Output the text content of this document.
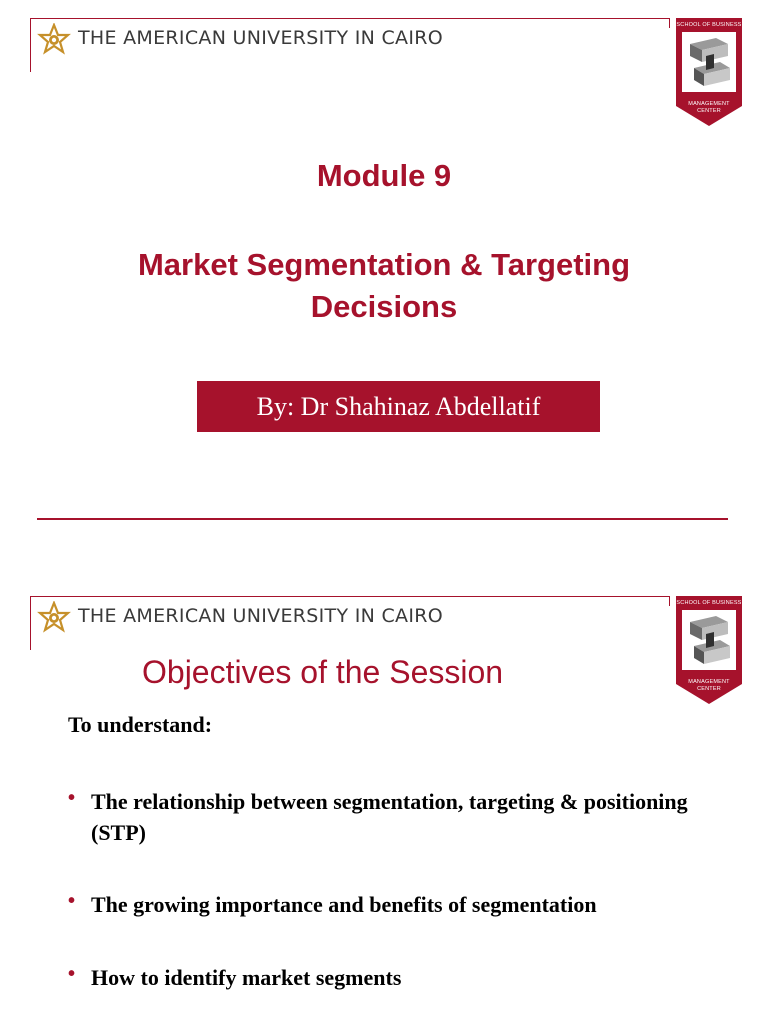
THE AMERICAN UNIVERSITY IN CAIRO
SCHOOL OF BUSINESS
MANAGEMENT CENTER
Module 9
Market Segmentation & Targeting Decisions
By: Dr Shahinaz Abdellatif
THE AMERICAN UNIVERSITY IN CAIRO
SCHOOL OF BUSINESS
MANAGEMENT CENTER
Objectives of the Session
To understand:
• The relationship between segmentation, targeting & positioning (STP)
• The growing importance and benefits of segmentation
• How to identify market segments
